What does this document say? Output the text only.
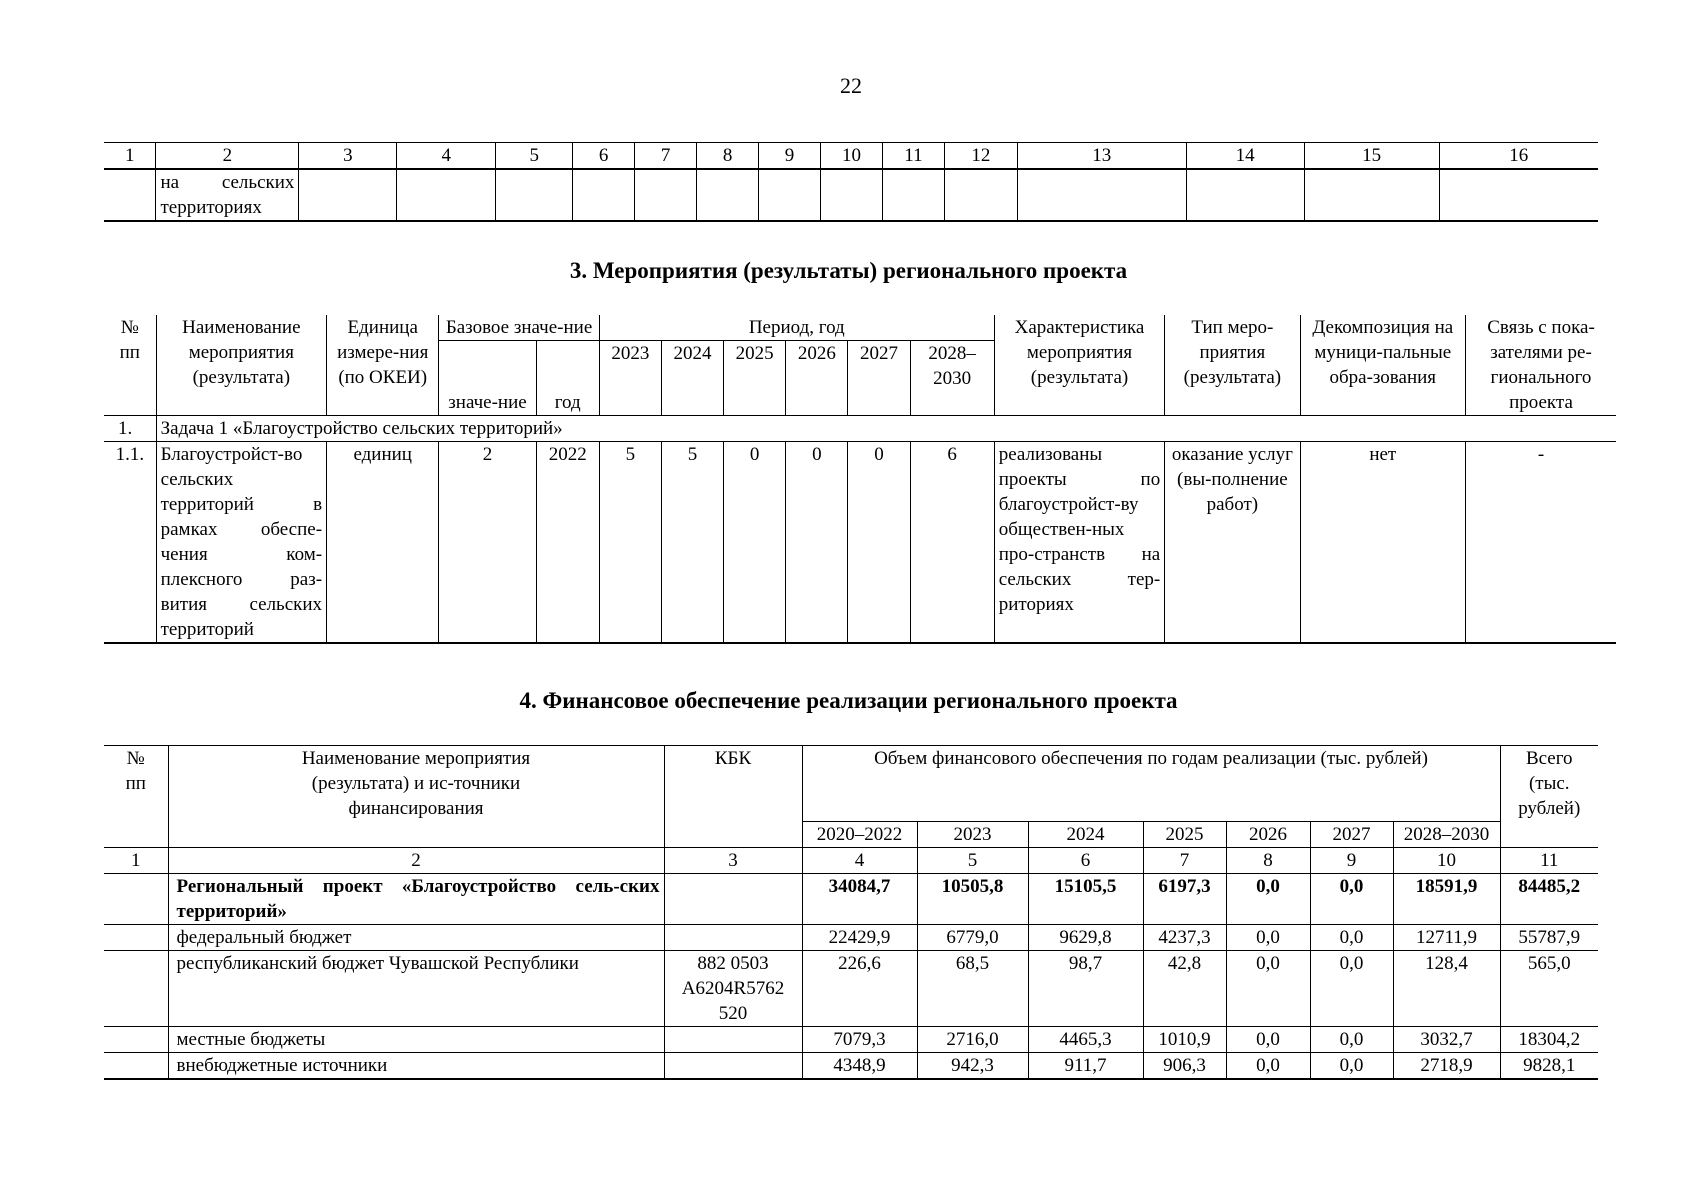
22
1	2	3	4	5	6	7	8	9	10	11	12	13	14	15	16
	на сельских территориях														
3. Мероприятия (результаты) регионального проекта
№ пп	Наименование мероприятия (результата)	Единица измере-ния (по ОКЕИ)	Базовое значе-ние		Период, год						Характеристика мероприятия (результата)	Тип меро-приятия (результата)	Декомпозиция на муници-пальные обра-зования	Связь с пока-зателями ре-гионального проекта
			значе-ние	год	2023	2024	2025	2026	2027	2028–2030				

1.	Задача 1 «Благоустройство сельских территорий»													
1.1.	Благоустройст-во сельских территорий в рамках обеспе-чения ком-плексного раз-вития сельских территорий	единиц	2	2022	5	5	0	0	0	6	реализованы проекты по благоустройст-ву обществен-ных про-странств на сельских тер-риториях	оказание услуг (вы-полнение работ)	нет	-
4. Финансовое обеспечение реализации регионального проекта
№ пп	Наименование мероприятия (результата) и ис-точники финансирования	КБК	Объем финансового обеспечения по годам реализации (тыс. рублей)							Всего (тыс. рублей)
			2020–2022	2023	2024	2025	2026	2027	2028–2030	
1	2	3	4	5	6	7	8	9	10	11
	Региональный проект «Благоустройство сель-ских территорий»		34084,7	10505,8	15105,5	6197,3	0,0	0,0	18591,9	84485,2
	федеральный бюджет		22429,9	6779,0	9629,8	4237,3	0,0	0,0	12711,9	55787,9
	республиканский бюджет Чувашской Республики	882 0503 A6204R5762 520	226,6	68,5	98,7	42,8	0,0	0,0	128,4	565,0
	местные бюджеты		7079,3	2716,0	4465,3	1010,9	0,0	0,0	3032,7	18304,2
	внебюджетные источники		4348,9	942,3	911,7	906,3	0,0	0,0	2718,9	9828,1
